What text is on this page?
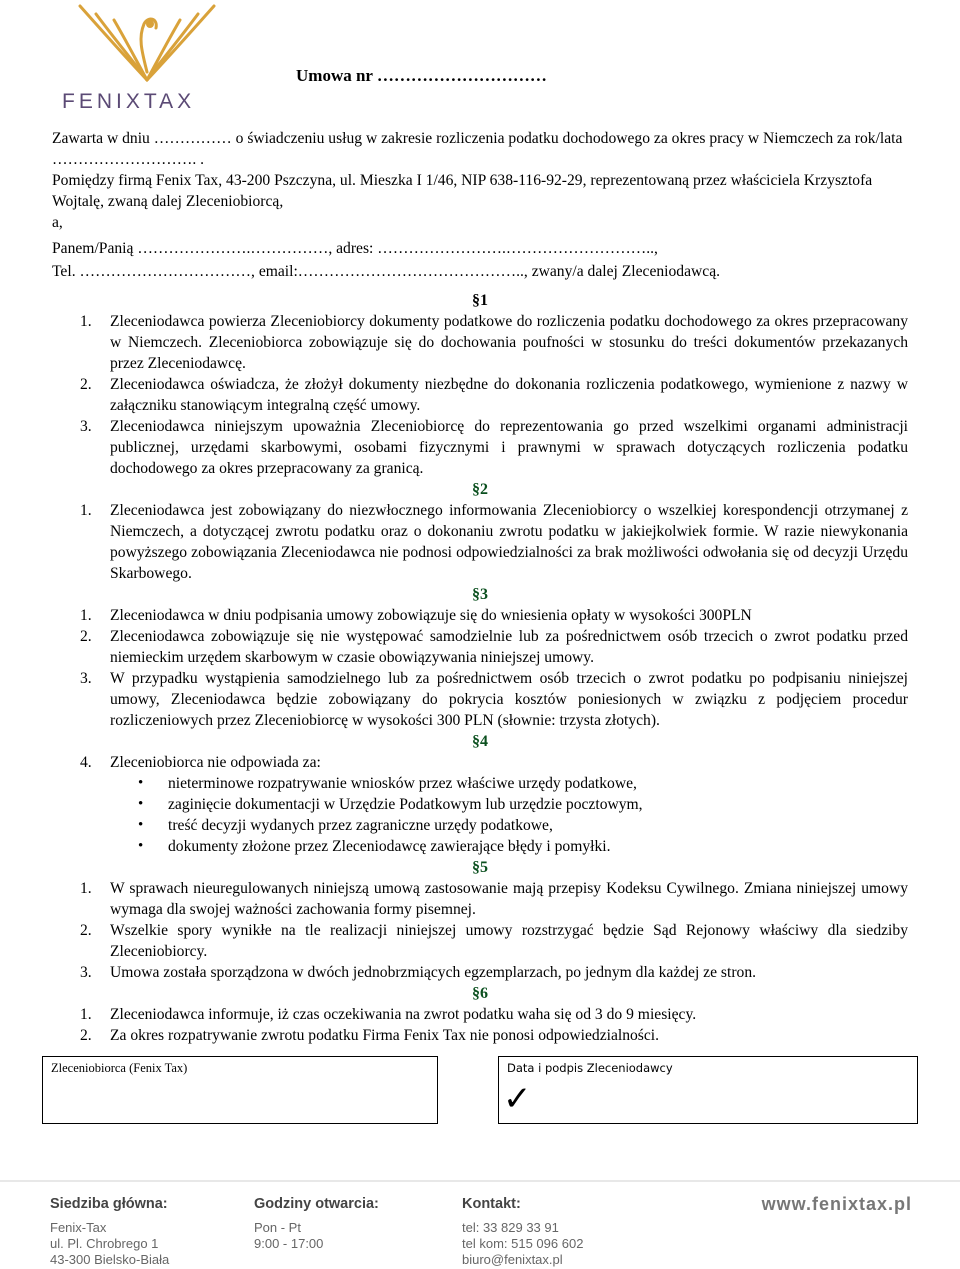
FENIXTAX
Umowa nr …………………………

Zawarta w dniu …………… o świadczeniu usług w zakresie rozliczenia podatku dochodowego za okres pracy w Niemczech za rok/lata ………………………. .

Pomiędzy firmą Fenix Tax, 43-200 Pszczyna, ul. Mieszka I 1/46, NIP 638-116-92-29, reprezentowaną przez właściciela Krzysztofa Wojtalę, zwaną dalej Zleceniobiorcą,

a,

Panem/Panią ………………….……………, adres: …………………….………………………..,

Tel. ……………………………, email:…………………………………….., zwany/a dalej Zleceniodawcą.

§1
1. Zleceniodawca powierza Zleceniobiorcy dokumenty podatkowe do rozliczenia podatku dochodowego za okres przepracowany w Niemczech. Zleceniobiorca zobowiązuje się do dochowania poufności w stosunku do treści dokumentów przekazanych przez Zleceniodawcę.
2. Zleceniodawca oświadcza, że złożył dokumenty niezbędne do dokonania rozliczenia podatkowego, wymienione z nazwy w załączniku stanowiącym integralną część umowy.
3. Zleceniodawca niniejszym upoważnia Zleceniobiorcę do reprezentowania go przed wszelkimi organami administracji publicznej, urzędami skarbowymi, osobami fizycznymi i prawnymi w sprawach dotyczących rozliczenia podatku dochodowego za okres przepracowany za granicą.
§2
1. Zleceniodawca jest zobowiązany do niezwłocznego informowania Zleceniobiorcy o wszelkiej korespondencji otrzymanej z Niemczech, a dotyczącej zwrotu podatku oraz o dokonaniu zwrotu podatku w jakiejkolwiek formie. W razie niewykonania powyższego zobowiązania Zleceniodawca nie podnosi odpowiedzialności za brak możliwości odwołania się od decyzji Urzędu Skarbowego.
§3
1. Zleceniodawca w dniu podpisania umowy zobowiązuje się do wniesienia opłaty w wysokości 300PLN
2. Zleceniodawca zobowiązuje się nie występować samodzielnie lub za pośrednictwem osób trzecich o zwrot podatku przed niemieckim urzędem skarbowym w czasie obowiązywania niniejszej umowy.
3. W przypadku wystąpienia samodzielnego lub za pośrednictwem osób trzecich o zwrot podatku po podpisaniu niniejszej umowy, Zleceniodawca będzie zobowiązany do pokrycia kosztów poniesionych w związku z podjęciem procedur rozliczeniowych przez Zleceniobiorcę w wysokości 300 PLN (słownie: trzysta złotych).
§4
4. Zleceniobiorca nie odpowiada za:
• nieterminowe rozpatrywanie wniosków przez właściwe urzędy podatkowe,
• zaginięcie dokumentacji w Urzędzie Podatkowym lub urzędzie pocztowym,
• treść decyzji wydanych przez zagraniczne urzędy podatkowe,
• dokumenty złożone przez Zleceniodawcę zawierające błędy i pomyłki.
§5
1. W sprawach nieuregulowanych niniejszą umową zastosowanie mają przepisy Kodeksu Cywilnego. Zmiana niniejszej umowy wymaga dla swojej ważności zachowania formy pisemnej.
2. Wszelkie spory wynikłe na tle realizacji niniejszej umowy rozstrzygać będzie Sąd Rejonowy właściwy dla siedziby Zleceniobiorcy.
3. Umowa została sporządzona w dwóch jednobrzmiących egzemplarzach, po jednym dla każdej ze stron.
§6
1. Zleceniodawca informuje, iż czas oczekiwania na zwrot podatku waha się od 3 do 9 miesięcy.
2. Za okres rozpatrywanie zwrotu podatku Firma Fenix Tax nie ponosi odpowiedzialności.
Zleceniobiorca (Fenix Tax)	Data i podpis Zleceniodawcy
✓
Siedziba główna:
Fenix-Tax
ul. Pl. Chrobrego 1
43-300 Bielsko-Biała
Godziny otwarcia:
Pon - Pt
9:00 - 17:00
Kontakt:
tel: 33 829 33 91
tel kom: 515 096 602
biuro@fenixtax.pl
www.fenixtax.pl
